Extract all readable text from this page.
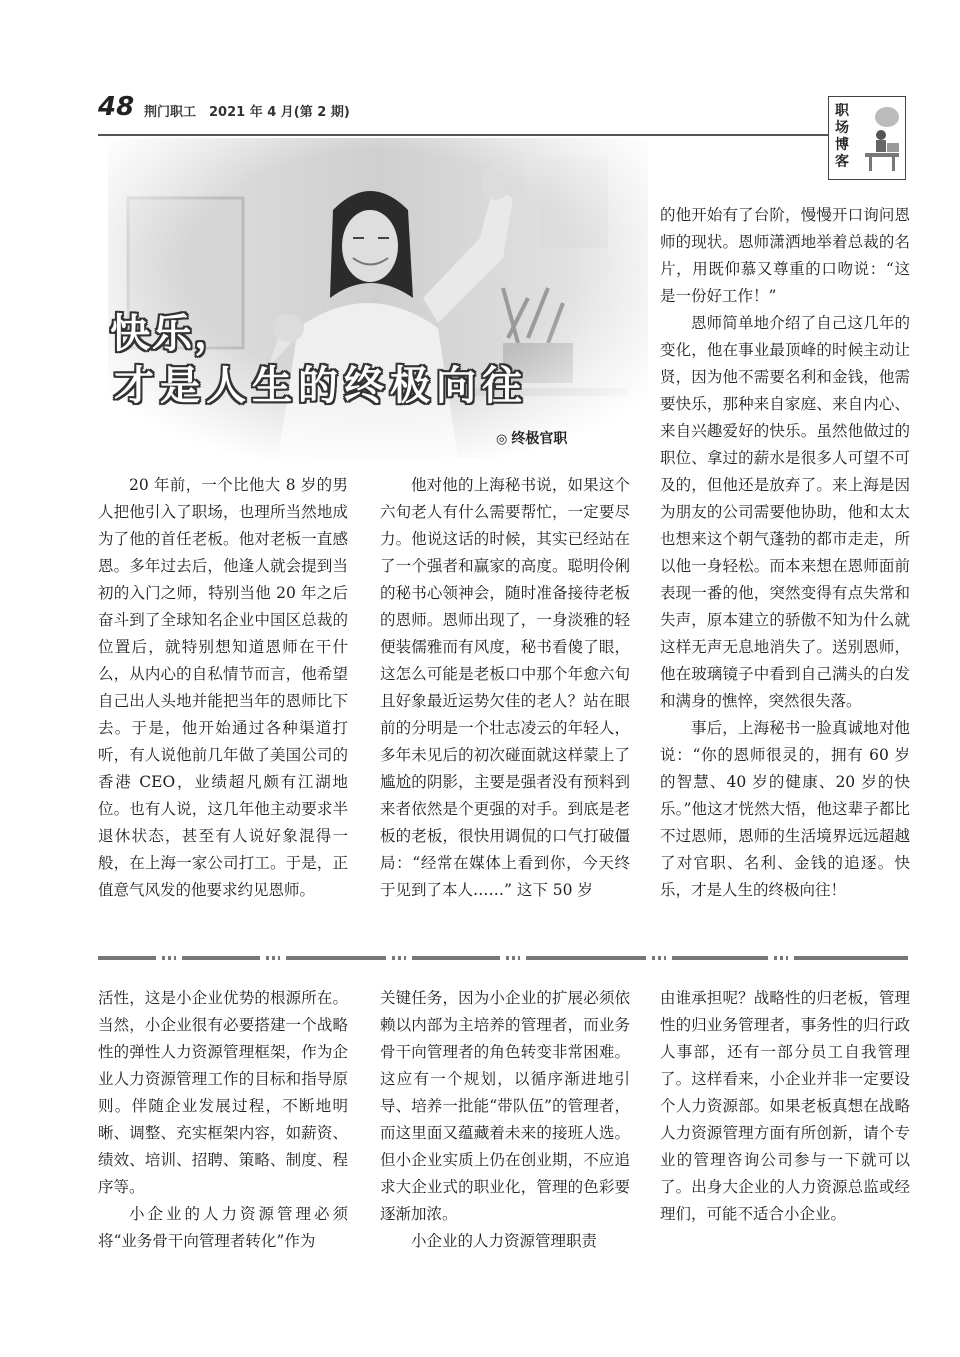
48 荆门职工　2021 年 4 月(第 2 期)	职场博客
快乐，
才是人生的终极向往
◎ 终极官职

20 年前，一个比他大 8 岁的男人把他引入了职场，也理所当然地成为了他的首任老板。他对老板一直感恩。多年过去后，他逢人就会提到当初的入门之师，特别当他 20 年之后奋斗到了全球知名企业中国区总裁的位置后，就特别想知道恩师在干什么，从内心的自私情节而言，他希望自己出人头地并能把当年的恩师比下去。于是，他开始通过各种渠道打听，有人说他前几年做了美国公司的香港 CEO，业绩超凡颇有江湖地位。也有人说，这几年他主动要求半退休状态，甚至有人说好象混得一般，在上海一家公司打工。于是，正值意气风发的他要求约见恩师。

他对他的上海秘书说，如果这个六旬老人有什么需要帮忙，一定要尽力。他说这话的时候，其实已经站在了一个强者和赢家的高度。聪明伶俐的秘书心领神会，随时准备接待老板的恩师。恩师出现了，一身淡雅的轻便装儒雅而有风度，秘书看傻了眼，这怎么可能是老板口中那个年愈六旬且好象最近运势欠佳的老人？站在眼前的分明是一个壮志凌云的年轻人，多年未见后的初次碰面就这样蒙上了尴尬的阴影，主要是强者没有预料到来者依然是个更强的对手。到底是老板的老板，很快用调侃的口气打破僵局：“经常在媒体上看到你，今天终于见到了本人……” 这下 50 岁

的他开始有了台阶，慢慢开口询问恩师的现状。恩师潇洒地举着总裁的名片，用既仰慕又尊重的口吻说：“这是一份好工作！”

恩师简单地介绍了自己这几年的变化，他在事业最顶峰的时候主动让贤，因为他不需要名利和金钱，他需要快乐，那种来自家庭、来自内心、来自兴趣爱好的快乐。虽然他做过的职位、拿过的薪水是很多人可望不可及的，但他还是放弃了。来上海是因为朋友的公司需要他协助，他和太太也想来这个朝气蓬勃的都市走走，所以他一身轻松。而本来想在恩师面前表现一番的他，突然变得有点失常和失声，原本建立的骄傲不知为什么就这样无声无息地消失了。送别恩师，他在玻璃镜子中看到自己满头的白发和满身的憔悴，突然很失落。

事后，上海秘书一脸真诚地对他说：“你的恩师很灵的，拥有 60 岁的智慧、40 岁的健康、20 岁的快乐。”他这才恍然大悟，他这辈子都比不过恩师，恩师的生活境界远远超越了对官职、名利、金钱的追逐。快乐，才是人生的终极向往！

活性，这是小企业优势的根源所在。当然，小企业很有必要搭建一个战略性的弹性人力资源管理框架，作为企业人力资源管理工作的目标和指导原则。伴随企业发展过程，不断地明晰、调整、充实框架内容，如薪资、绩效、培训、招聘、策略、制度、程序等。

小企业的人力资源管理必须将“业务骨干向管理者转化”作为

关键任务，因为小企业的扩展必须依赖以内部为主培养的管理者，而业务骨干向管理者的角色转变非常困难。这应有一个规划，以循序渐进地引导、培养一批能“带队伍”的管理者，而这里面又蕴藏着未来的接班人选。但小企业实质上仍在创业期，不应追求大企业式的职业化，管理的色彩要逐渐加浓。

小企业的人力资源管理职责

由谁承担呢？战略性的归老板，管理性的归业务管理者，事务性的归行政人事部，还有一部分员工自我管理了。这样看来，小企业并非一定要设个人力资源部。如果老板真想在战略人力资源管理方面有所创新，请个专业的管理咨询公司参与一下就可以了。出身大企业的人力资源总监或经理们，可能不适合小企业。
